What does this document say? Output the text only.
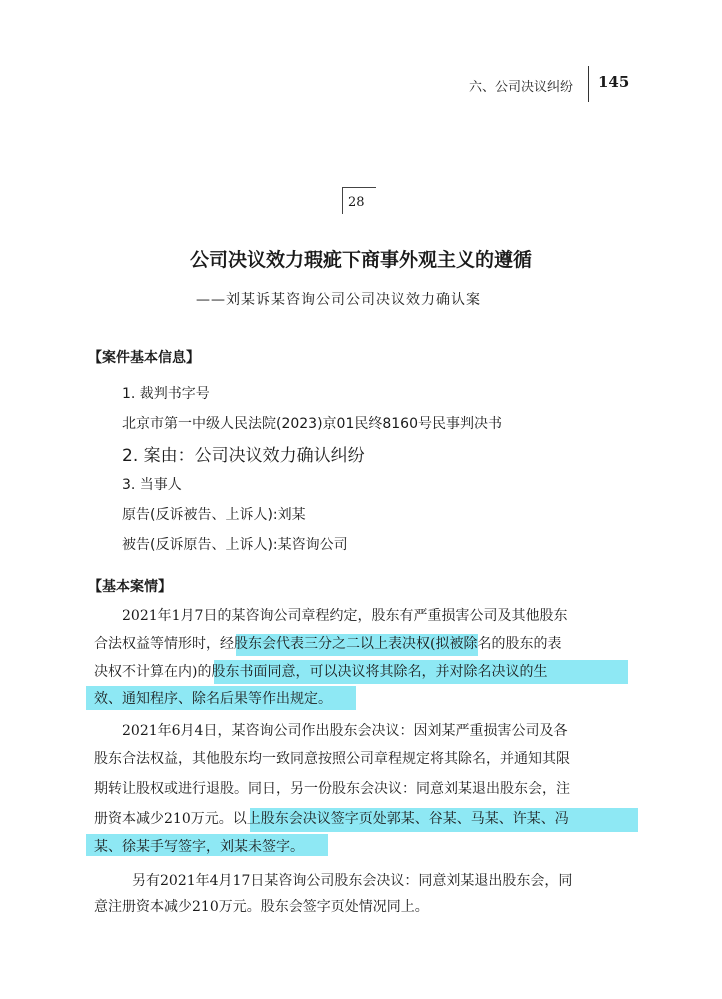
六、公司决议纠纷 145
28
公司决议效力瑕疵下商事外观主义的遵循
——刘某诉某咨询公司公司决议效力确认案
【案件基本信息】
1. 裁判书字号
北京市第一中级人民法院(2023)京01民终8160号民事判决书
2. 案由：公司决议效力确认纠纷
3. 当事人
原告(反诉被告、上诉人):刘某
被告(反诉原告、上诉人):某咨询公司
【基本案情】
2021年1月7日的某咨询公司章程约定，股东有严重损害公司及其他股东
合法权益等情形时，经股东会代表三分之二以上表决权(拟被除名的股东的表
决权不计算在内)的股东书面同意，可以决议将其除名，并对除名决议的生
效、通知程序、除名后果等作出规定。
2021年6月4日，某咨询公司作出股东会决议：因刘某严重损害公司及各
股东合法权益，其他股东均一致同意按照公司章程规定将其除名，并通知其限
期转让股权或进行退股。同日，另一份股东会决议：同意刘某退出股东会，注
册资本减少210万元。以上股东会决议签字页处郭某、谷某、马某、许某、冯
某、徐某手写签字，刘某未签字。
另有2021年4月17日某咨询公司股东会决议：同意刘某退出股东会，同
意注册资本减少210万元。股东会签字页处情况同上。
